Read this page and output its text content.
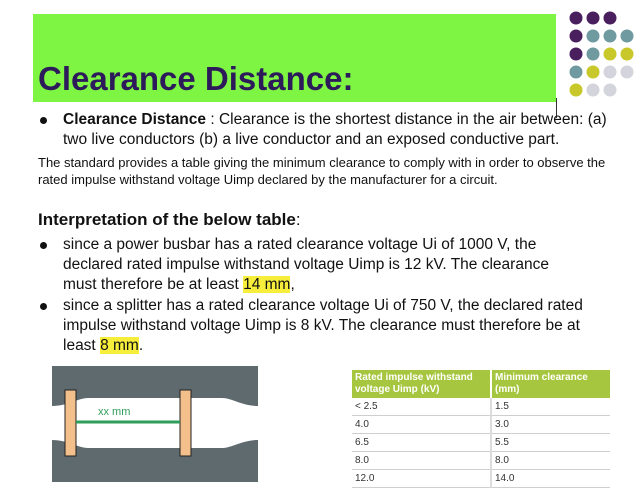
Clearance Distance:
Clearance Distance : Clearance is the shortest distance in the air between: (a) two live conductors (b) a live conductor and an exposed conductive part.
The standard provides a table giving the minimum clearance to comply with in order to observe the rated impulse withstand voltage Uimp declared by the manufacturer for a circuit.
Interpretation of the below table:
since a power busbar has a rated clearance voltage Ui of 1000 V, the declared rated impulse withstand voltage Uimp is 12 kV. The clearance must therefore be at least 14 mm,
since a splitter has a rated clearance voltage Ui of 750 V, the declared rated impulse withstand voltage Uimp is 8 kV. The clearance must therefore be at least 8 mm.
xx mm
Rated impulse withstand voltage Uimp (kV)	Minimum clearance (mm)
< 2.5	1.5
4.0	3.0
6.5	5.5
8.0	8.0
12.0	14.0
